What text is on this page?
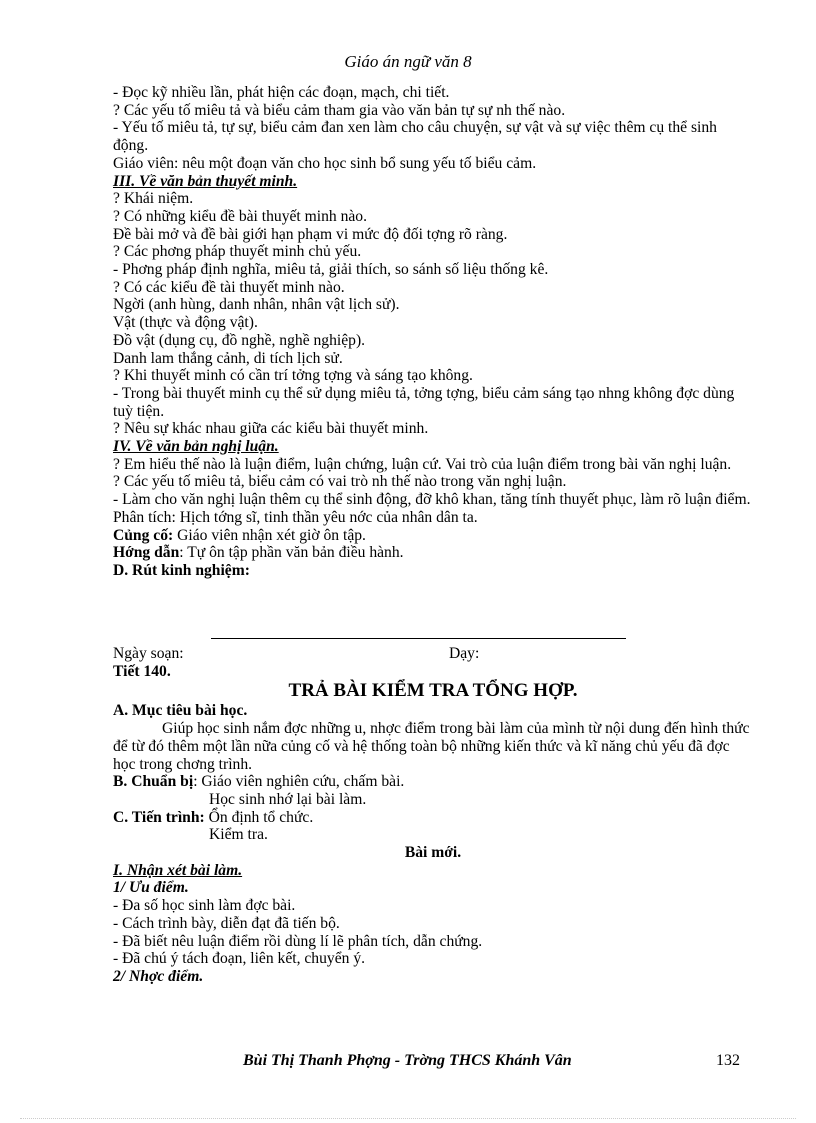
Giáo án ngữ văn 8

- Đọc kỹ nhiều lần, phát hiện các đoạn, mạch, chi tiết.

? Các yếu tố miêu tả và biểu cảm tham gia vào văn bản tự sự nh thế nào.

- Yếu tố miêu tả, tự sự, biểu cảm đan xen làm cho câu chuyện, sự vật và sự việc thêm cụ thể sinh động.

Giáo viên: nêu một đoạn văn cho học sinh bổ sung yếu tố biểu cảm.

III. Về văn bản thuyết minh.

? Khái niệm.

? Có những kiểu đề bài thuyết minh nào.

Đề bài mở và đề bài giới hạn phạm vi mức độ đối tợng rõ ràng.

? Các phơng pháp thuyết minh chủ yếu.

- Phơng pháp định nghĩa, miêu tả, giải thích, so sánh số liệu thống kê.

? Có các kiểu đề tài thuyết minh nào.

Ngời (anh hùng, danh nhân, nhân vật lịch sử).

Vật (thực và động vật).

Đồ vật (dụng cụ, đồ nghề, nghề nghiệp).

Danh lam thắng cảnh, di tích lịch sử.

? Khi thuyết minh có cần trí tởng tợng và sáng tạo không.

- Trong bài thuyết minh cụ thể sử dụng miêu tả, tởng tợng, biểu cảm sáng tạo nhng không đợc dùng tuỳ tiện.

? Nêu sự khác nhau giữa các kiểu bài thuyết minh.

IV. Về văn bản nghị luận.

? Em hiểu thế nào là luận điểm, luận chứng, luận cứ. Vai trò của luận điểm trong bài văn nghị luận.

? Các yếu tố miêu tả, biểu cảm có vai trò nh thế nào trong văn nghị luận.

- Làm cho văn nghị luận thêm cụ thể sinh động, đỡ khô khan, tăng tính thuyết phục, làm rõ luận điểm.

Phân tích: Hịch tớng sĩ, tinh thần yêu nớc của nhân dân ta.

Củng cố: Giáo viên nhận xét giờ ôn tập.

Hớng dẫn: Tự ôn tập phần văn bản điều hành.

D. Rút kinh nghiệm:

Ngày soạn:	Dạy:

Tiết 140.

TRẢ BÀI KIỂM TRA TỔNG HỢP.

A. Mục tiêu bài học.

Giúp học sinh nắm đợc những u, nhợc điểm trong bài làm của mình từ nội dung đến hình thức để từ đó thêm một lần nữa củng cố và hệ thống toàn bộ những kiến thức và kĩ năng chủ yếu đã đợc học trong chơng trình.

B. Chuẩn bị: Giáo viên nghiên cứu, chấm bài.

Học sinh nhớ lại bài làm.

C. Tiến trình: Ổn định tổ chức.

Kiểm tra.

Bài mới.

I. Nhận xét bài làm.

1/ Ưu điểm.

- Đa số học sinh làm đợc bài.

- Cách trình bày, diễn đạt đã tiến bộ.

- Đã biết nêu luận điểm rồi dùng lí lẽ phân tích, dẫn chứng.

- Đã chú ý tách đoạn, liên kết, chuyển ý.

2/ Nhợc điểm.

Bùi Thị Thanh Phợng - Trờng THCS Khánh Vân	132
